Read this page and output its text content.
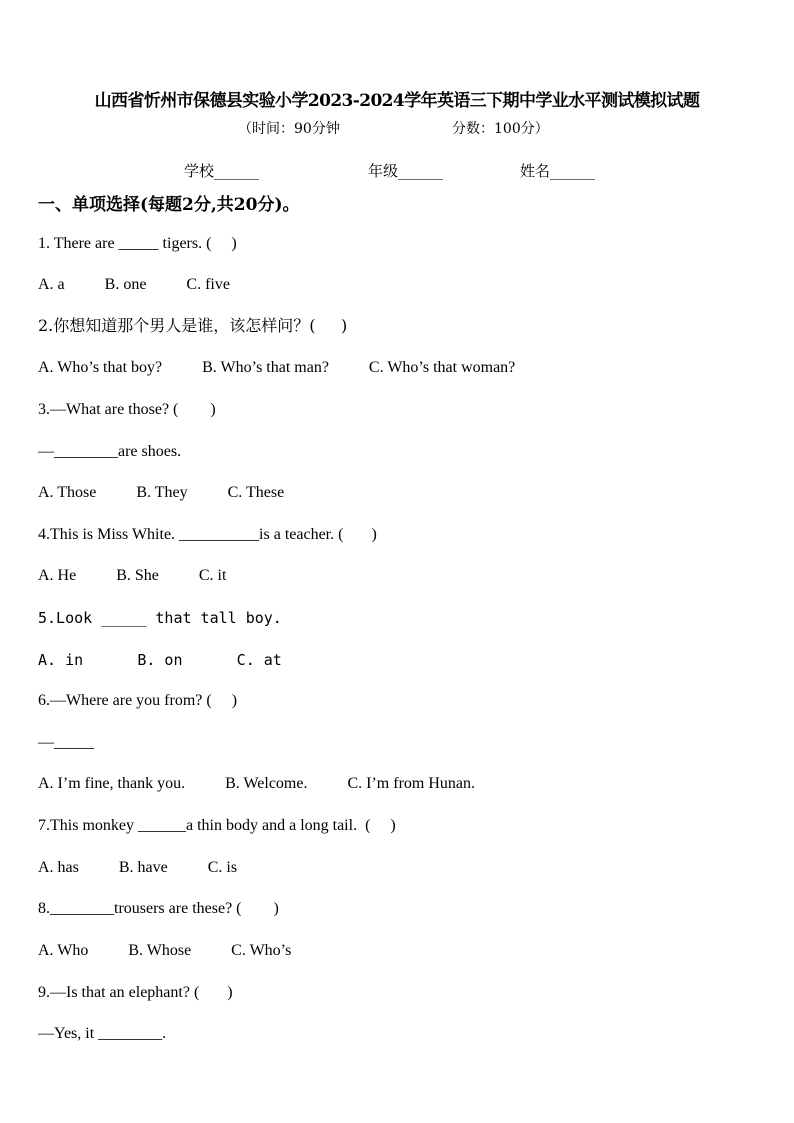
山西省忻州市保德县实验小学2023-2024学年英语三下期中学业水平测试模拟试题
（时间：90分钟	分数：100分）
学校______	年级______	姓名______
一、单项选择(每题2分,共20分)。
1. There are _____ tigers. (     )
A. a          B. one          C. five
2.你想知道那个男人是谁，该怎样问？(     )
A. Who’s that boy?          B. Who’s that man?          C. Who’s that woman?
3.—What are those? (        )
—________are shoes.
A. Those          B. They          C. These
4.This is Miss White. __________is a teacher. (       )
A. He          B. She          C. it
5.Look _____ that tall boy.
A. in      B. on      C. at
6.—Where are you from? (     )
—_____
A. I’m fine, thank you.          B. Welcome.          C. I’m from Hunan.
7.This monkey ______a thin body and a long tail.  (     )
A. has          B. have          C. is
8.________trousers are these? (        )
A. Who          B. Whose          C. Who’s
9.—Is that an elephant? (       )
—Yes, it ________.
